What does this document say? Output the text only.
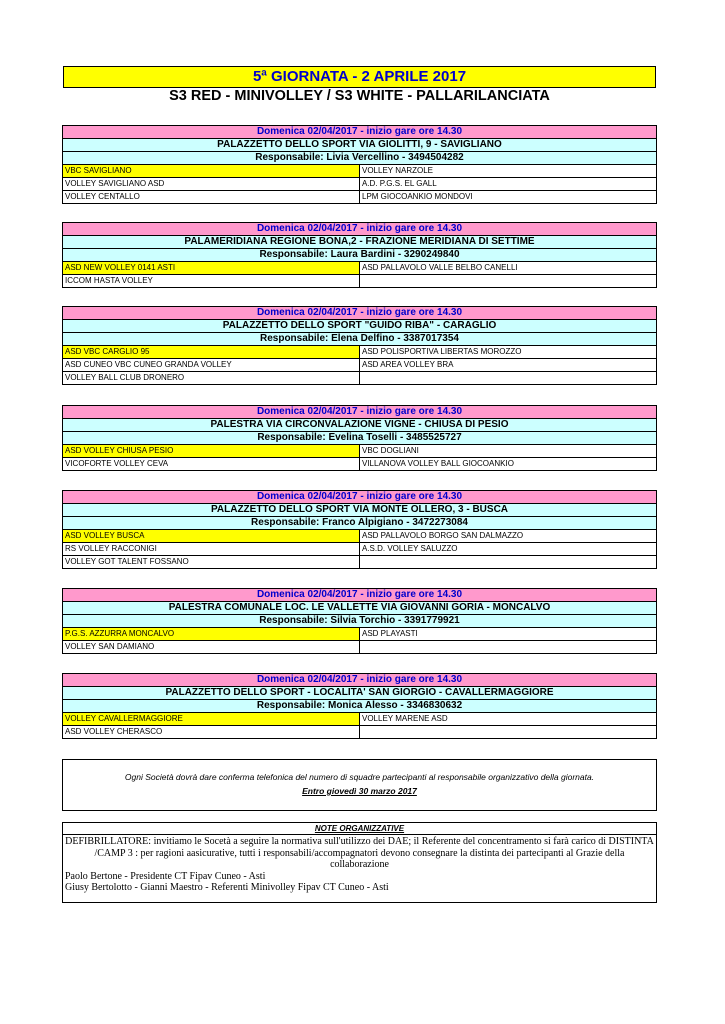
5ª GIORNATA - 2 APRILE 2017
S3 RED - MINIVOLLEY / S3 WHITE - PALLARILANCIATA
Domenica 02/04/2017 - inizio gare ore 14.30
PALAZZETTO DELLO SPORT VIA GIOLITTI, 9 - SAVIGLIANO
Responsabile: Livia Vercellino - 3494504282
VBC SAVIGLIANO	VOLLEY NARZOLE
VOLLEY SAVIGLIANO ASD	A.D. P.G.S. EL GALL
VOLLEY CENTALLO	LPM GIOCOANKIO MONDOVI
Domenica 02/04/2017 - inizio gare ore 14.30
PALAMERIDIANA REGIONE BONA,2 - FRAZIONE MERIDIANA DI SETTIME
Responsabile: Laura Bardini - 3290249840
ASD NEW VOLLEY 0141 ASTI	ASD PALLAVOLO VALLE BELBO CANELLI
ICCOM HASTA VOLLEY
Domenica 02/04/2017 - inizio gare ore 14.30
PALAZZETTO DELLO SPORT "GUIDO RIBA" - CARAGLIO
Responsabile: Elena Delfino - 3387017354
ASD VBC CARGLIO 95	ASD POLISPORTIVA LIBERTAS MOROZZO
ASD CUNEO VBC CUNEO GRANDA VOLLEY	ASD AREA VOLLEY BRA
VOLLEY BALL CLUB DRONERO
Domenica 02/04/2017 - inizio gare ore 14.30
PALESTRA VIA CIRCONVALAZIONE VIGNE - CHIUSA DI PESIO
Responsabile: Evelina Toselli - 3485525727
ASD VOLLEY CHIUSA PESIO	VBC DOGLIANI
VICOFORTE VOLLEY CEVA	VILLANOVA VOLLEY BALL GIOCOANKIO
Domenica 02/04/2017 - inizio gare ore 14.30
PALAZZETTO DELLO SPORT VIA MONTE OLLERO, 3 - BUSCA
Responsabile: Franco Alpigiano - 3472273084
ASD VOLLEY BUSCA	ASD PALLAVOLO BORGO SAN DALMAZZO
RS VOLLEY RACCONIGI	A.S.D. VOLLEY SALUZZO
VOLLEY GOT TALENT FOSSANO
Domenica 02/04/2017 - inizio gare ore 14.30
PALESTRA COMUNALE LOC. LE VALLETTE VIA GIOVANNI GORIA - MONCALVO
Responsabile: Silvia Torchio - 3391779921
P.G.S. AZZURRA MONCALVO	ASD PLAYASTI
VOLLEY SAN DAMIANO
Domenica 02/04/2017 - inizio gare ore 14.30
PALAZZETTO DELLO SPORT - LOCALITA' SAN GIORGIO - CAVALLERMAGGIORE
Responsabile: Monica Alesso - 3346830632
VOLLEY CAVALLERMAGGIORE	VOLLEY MARENE ASD
ASD VOLLEY CHERASCO
Ogni Società dovrà dare conferma telefonica del numero di squadre partecipanti al responsabile organizzativo della giornata.
Entro giovedì 30 marzo 2017
NOTE ORGANIZZATIVE
DEFIBRILLATORE: invitiamo le Socetà a seguire la normativa sull'utilizzo dei DAE; il Referente del concentramento si farà carico di DISTINTA /CAMP 3 : per ragioni aasicurative, tutti i responsabili/accompagnatori devono consegnare la distinta dei partecipanti al Grazie della collaborazione
Paolo Bertone - Presidente CT Fipav Cuneo - Asti
Giusy Bertolotto - Gianni Maestro - Referenti Minivolley Fipav CT Cuneo - Asti
